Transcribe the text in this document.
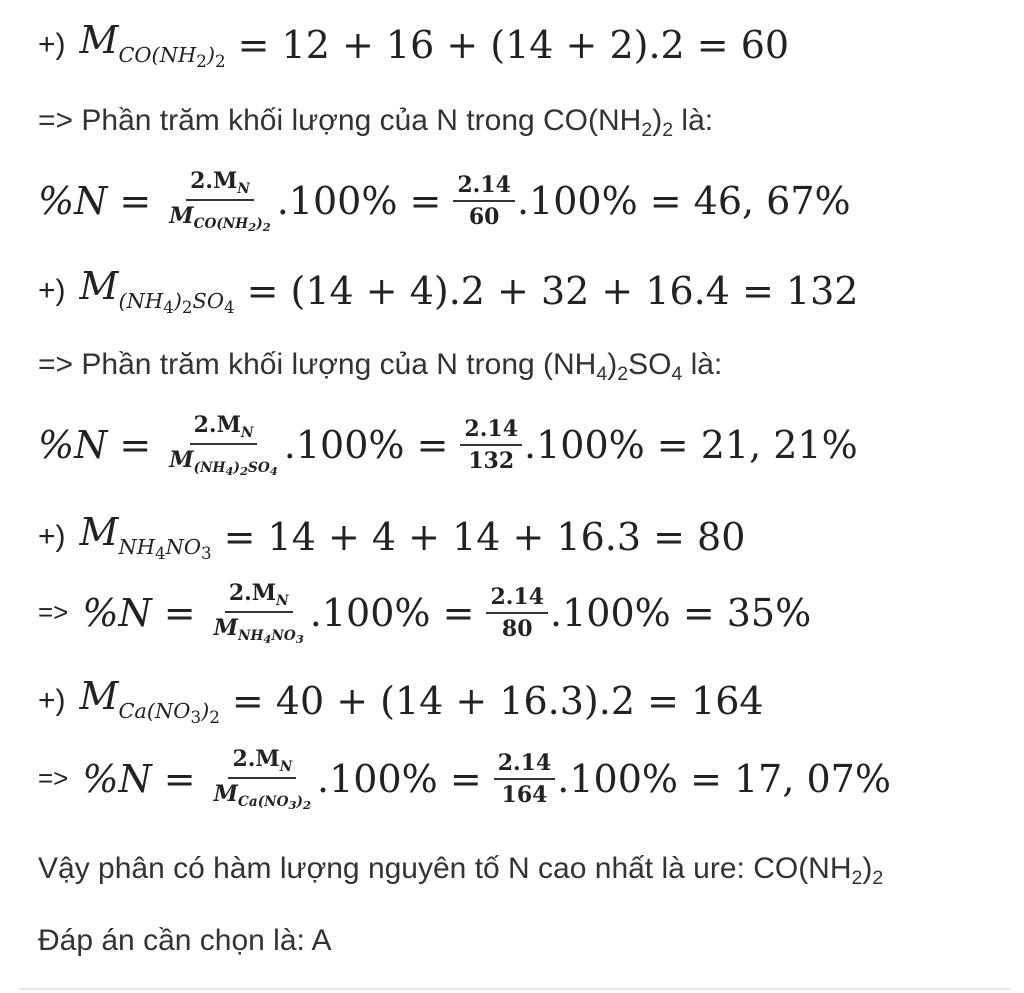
+) $M_{CO(NH_2)_2} = 12 + 16 + (14 + 2).2 = 60$
=> Phần trăm khối lượng của N trong CO(NH2)2 là:
$\%N = \frac{2.M_N}{M_{CO(NH_2)_2}} .100\% = \frac{2.14}{60} .100\% = 46$, 67%
+) $M_{(NH_4)_2SO_4} = (14 + 4).2 + 32 + 16.4 = 132$
=> Phần trăm khối lượng của N trong (NH4)2SO4 là:
$\%N = \frac{2.M_N}{M_{(NH_4)_2SO_4}} .100\% = \frac{2.14}{132} .100\% = 21$, 21%
+) $M_{NH_4NO_3} = 14 + 4 + 14 + 16.3 = 80$
=> $\%N = \frac{2.M_N}{M_{NH_4NO_3}} .100\% = \frac{2.14}{80} .100\% = 35\%$
+) $M_{Ca(NO_3)_2} = 40 + (14 + 16.3).2 = 164$
=> $\%N = \frac{2.M_N}{M_{Ca(NO_3)_2}} .100\% = \frac{2.14}{164} .100\% = 17$, 07%
Vậy phân có hàm lượng nguyên tố N cao nhất là ure: CO(NH2)2
Đáp án cần chọn là: A
